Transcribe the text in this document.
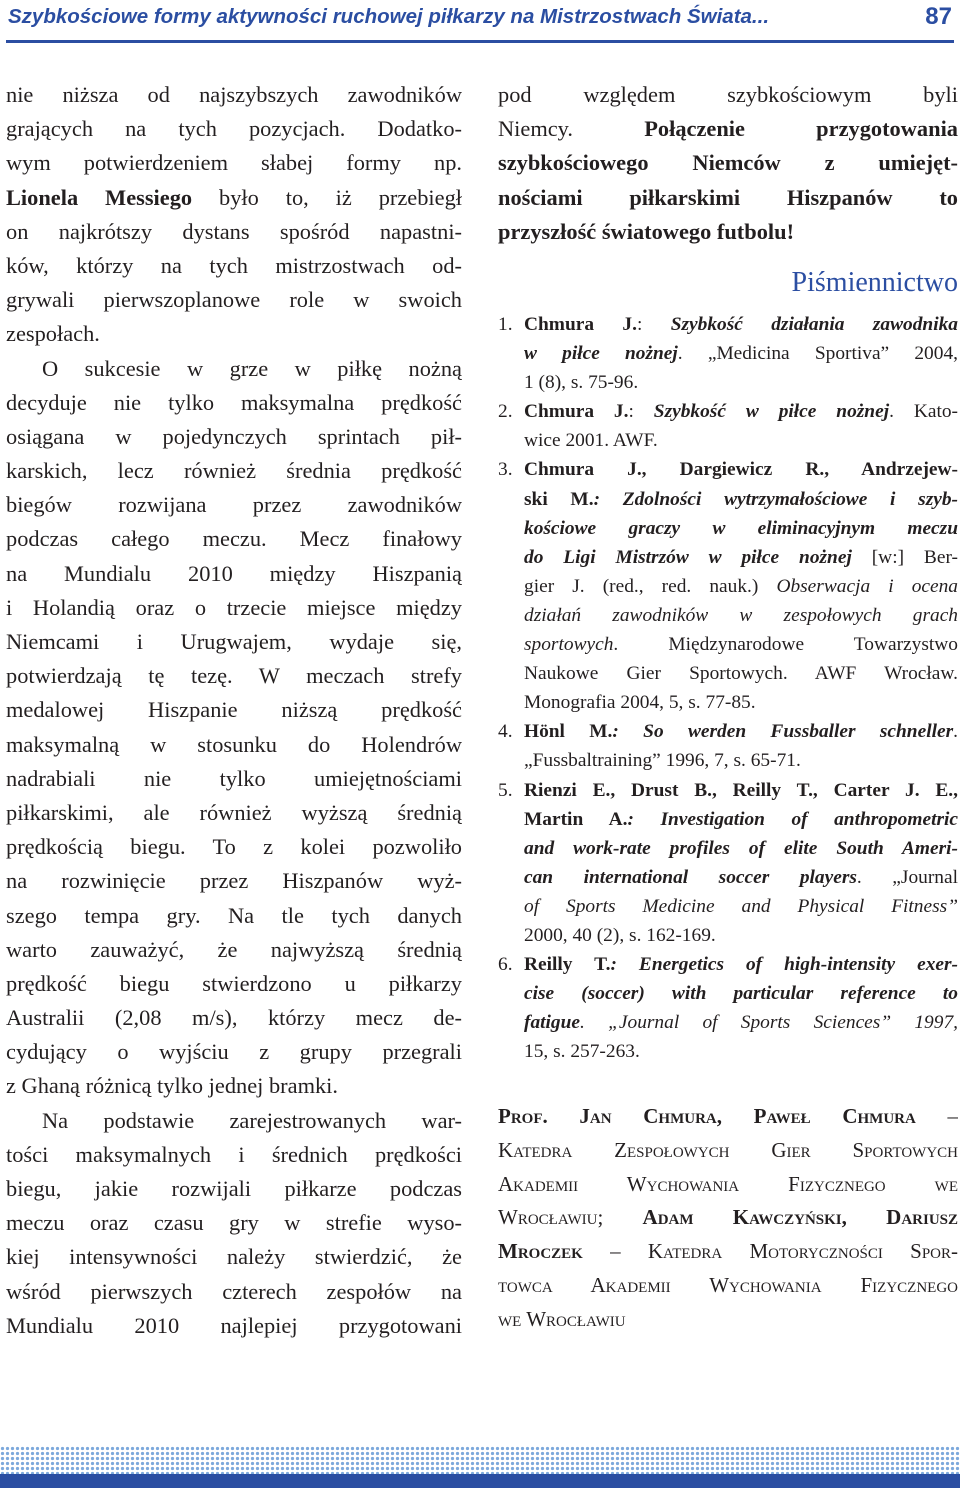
Szybkościowe formy aktywności ruchowej piłkarzy na Mistrzostwach Świata...	87
nie niższa od najszybszych zawodników
grających na tych pozycjach. Dodatko-
wym potwierdzeniem słabej formy np.
Lionela Messiego było to, iż przebiegł
on najkrótszy dystans spośród napastni-
ków, którzy na tych mistrzostwach od-
grywali pierwszoplanowe role w swoich
zespołach.
O sukcesie w grze w piłkę nożną
decyduje nie tylko maksymalna prędkość
osiągana w pojedynczych sprintach pił-
karskich, lecz również średnia prędkość
biegów rozwijana przez zawodników
podczas całego meczu. Mecz finałowy
na Mundialu 2010 między Hiszpanią
i Holandią oraz o trzecie miejsce między
Niemcami i Urugwajem, wydaje się,
potwierdzają tę tezę. W meczach strefy
medalowej Hiszpanie niższą prędkość
maksymalną w stosunku do Holendrów
nadrabiali nie tylko umiejętnościami
piłkarskimi, ale również wyższą średnią
prędkością biegu. To z kolei pozwoliło
na rozwinięcie przez Hiszpanów wyż-
szego tempa gry. Na tle tych danych
warto zauważyć, że najwyższą średnią
prędkość biegu stwierdzono u piłkarzy
Australii (2,08 m/s), którzy mecz de-
cydujący o wyjściu z grupy przegrali
z Ghaną różnicą tylko jednej bramki.
Na podstawie zarejestrowanych war-
tości maksymalnych i średnich prędkości
biegu, jakie rozwijali piłkarze podczas
meczu oraz czasu gry w strefie wyso-
kiej intensywności należy stwierdzić, że
wśród pierwszych czterech zespołów na
Mundialu 2010 najlepiej przygotowani
pod względem szybkościowym byli
Niemcy. Połączenie przygotowania
szybkościowego Niemców z umiejęt-
nościami piłkarskimi Hiszpanów to
przyszłość światowego futbolu!
Piśmiennictwo
1. Chmura J.: Szybkość działania zawodnika
w piłce nożnej. „Medicina Sportiva” 2004,
1 (8), s. 75-96.
2. Chmura J.: Szybkość w piłce nożnej. Kato-
wice 2001. AWF.
3. Chmura J., Dargiewicz R., Andrzejew-
ski M.: Zdolności wytrzymałościowe i szyb-
kościowe graczy w eliminacyjnym meczu
do Ligi Mistrzów w piłce nożnej [w:] Ber-
gier J. (red., red. nauk.) Obserwacja i ocena
działań zawodników w zespołowych grach
sportowych. Międzynarodowe Towarzystwo
Naukowe Gier Sportowych. AWF Wrocław.
Monografia 2004, 5, s. 77-85.
4. Hönl M.: So werden Fussballer schneller.
„Fussbaltraining” 1996, 7, s. 65-71.
5. Rienzi E., Drust B., Reilly T., Carter J. E.,
Martin A.: Investigation of anthropometric
and work-rate profiles of elite South Ameri-
can international soccer players. „Journal
of Sports Medicine and Physical Fitness”
2000, 40 (2), s. 162-169.
6. Reilly T.: Energetics of high-intensity exer-
cise (soccer) with particular reference to
fatigue. „Journal of Sports Sciences” 1997,
15, s. 257-263.
Prof. Jan Chmura, Paweł Chmura –
Katedra Zespołowych Gier Sportowych
Akademii Wychowania Fizycznego we
Wrocławiu; Adam Kawczyński, Dariusz
Mroczek – Katedra Motoryczności Spor-
towca Akademii Wychowania Fizycznego
we Wrocławiu
